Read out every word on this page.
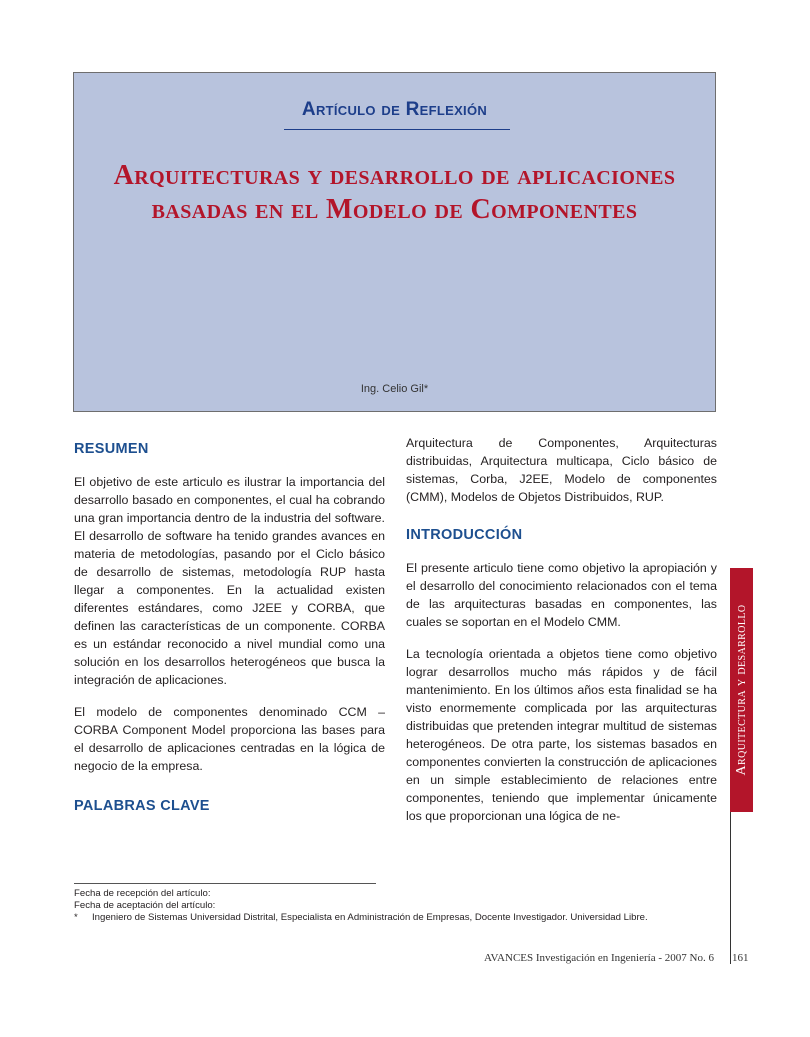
Artículo de Reflexión
Arquitecturas y desarrollo de aplicaciones
basadas en el Modelo de Componentes
Ing. Celio Gil*
RESUMEN

El objetivo de este articulo es ilustrar la importancia del desarrollo basado en componentes, el cual ha cobrando una gran importancia dentro de la industria del software. El desarrollo de software ha tenido grandes avances en materia de metodologías, pasando por el Ciclo básico de desarrollo de sistemas, metodología RUP hasta llegar a componentes. En la actualidad existen diferentes estándares, como J2EE y CORBA, que definen las características de un componente. CORBA es un estándar reconocido a nivel mundial como una solución en los desarrollos heterogéneos que busca la integración de aplicaciones.

El modelo de componentes denominado CCM – CORBA Component Model proporciona las bases para el desarrollo de aplicaciones centradas en la lógica de negocio de la empresa.

PALABRAS CLAVE

Arquitectura de Componentes, Arquitecturas distribuidas, Arquitectura multicapa, Ciclo básico de sistemas, Corba, J2EE, Modelo de componentes (CMM), Modelos de Objetos Distribuidos, RUP.

INTRODUCCIÓN

El presente articulo tiene como objetivo la apropiación y el desarrollo del conocimiento relacionados con el tema de las arquitecturas basadas en componentes, las cuales se soportan en el Modelo CMM.

La tecnología orientada a objetos tiene como objetivo lograr desarrollos mucho más rápidos y de fácil mantenimiento. En los últimos años esta finalidad se ha visto enormemente complicada por las arquitecturas distribuidas que pretenden integrar multitud de sistemas heterogéneos. De otra parte, los sistemas basados en componentes convierten la construcción de aplicaciones en un simple establecimiento de relaciones entre componentes, teniendo que implementar únicamente los que proporcionan una lógica de ne-

Arquitectura y desarrollo
Fecha de recepción del artículo:
Fecha de aceptación del artículo:
* Ingeniero de Sistemas Universidad Distrital, Especialista en Administración de Empresas, Docente Investigador. Universidad Libre.
AVANCES Investigación en Ingeniería - 2007 No. 6 161
